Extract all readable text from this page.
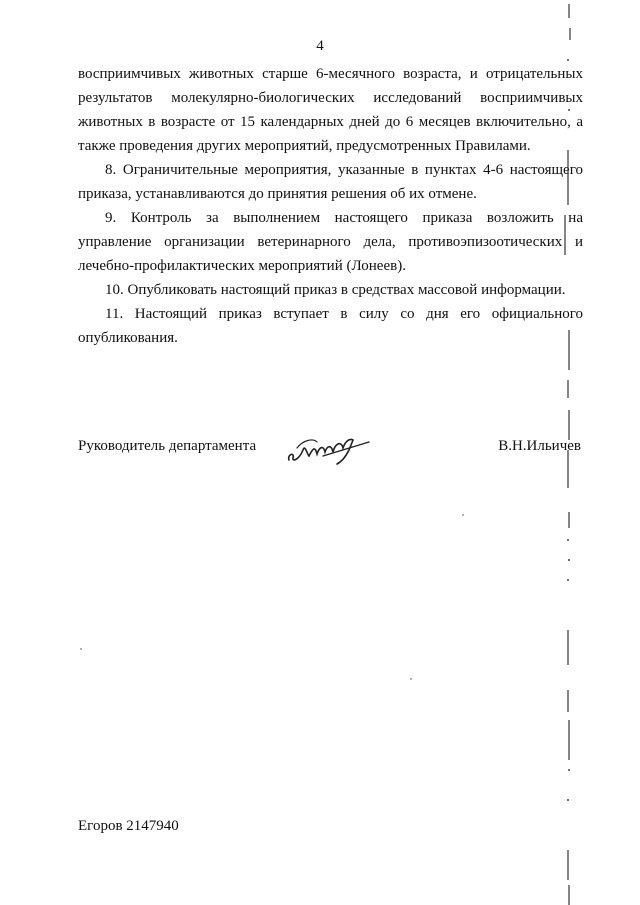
4

восприимчивых животных старше 6-месячного возраста, и отрицательных результатов молекулярно-биологических исследований восприимчивых животных в возрасте от 15 календарных дней до 6 месяцев включительно, а также проведения других мероприятий, предусмотренных Правилами.

8. Ограничительные мероприятия, указанные в пунктах 4-6 настоящего приказа, устанавливаются до принятия решения об их отмене.

9. Контроль за выполнением настоящего приказа возложить на управление организации ветеринарного дела, противоэпизоотических и лечебно-профилактических мероприятий (Лонеев).

10. Опубликовать настоящий приказ в средствах массовой информации.

11. Настоящий приказ вступает в силу со дня его официального опубликования.

Руководитель департамента	В.Н.Ильичев
Егоров 2147940
